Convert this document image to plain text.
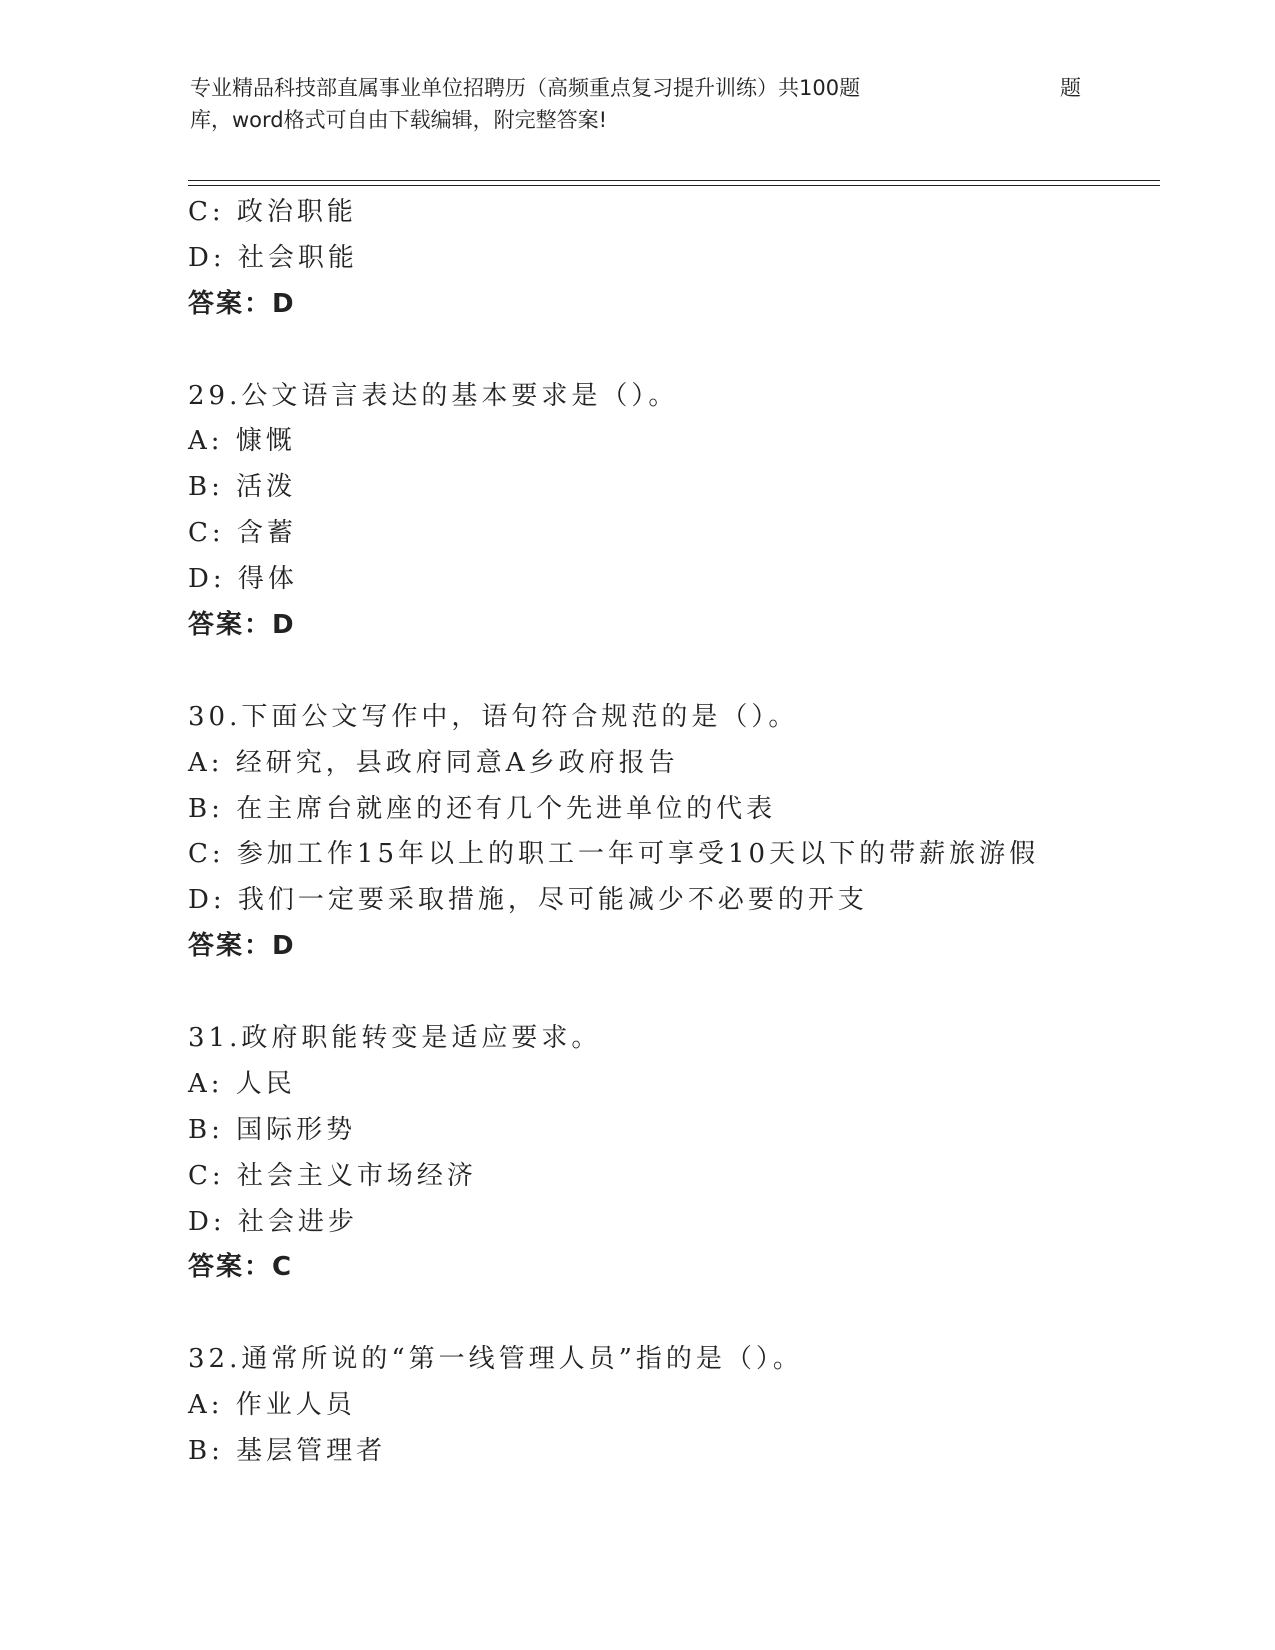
专业精品科技部直属事业单位招聘历（高频重点复习提升训练）共100题	题
库，word格式可自由下载编辑，附完整答案!
C: 政治职能
D: 社会职能
答案：D
29.公文语言表达的基本要求是（）。
A: 慷慨
B: 活泼
C: 含蓄
D: 得体
答案：D
30.下面公文写作中，语句符合规范的是（）。
A: 经研究，县政府同意A乡政府报告
B: 在主席台就座的还有几个先进单位的代表
C: 参加工作15年以上的职工一年可享受10天以下的带薪旅游假
D: 我们一定要采取措施，尽可能减少不必要的开支
答案：D
31.政府职能转变是适应要求。
A: 人民
B: 国际形势
C: 社会主义市场经济
D: 社会进步
答案：C
32.通常所说的“第一线管理人员”指的是（）。
A: 作业人员
B: 基层管理者
